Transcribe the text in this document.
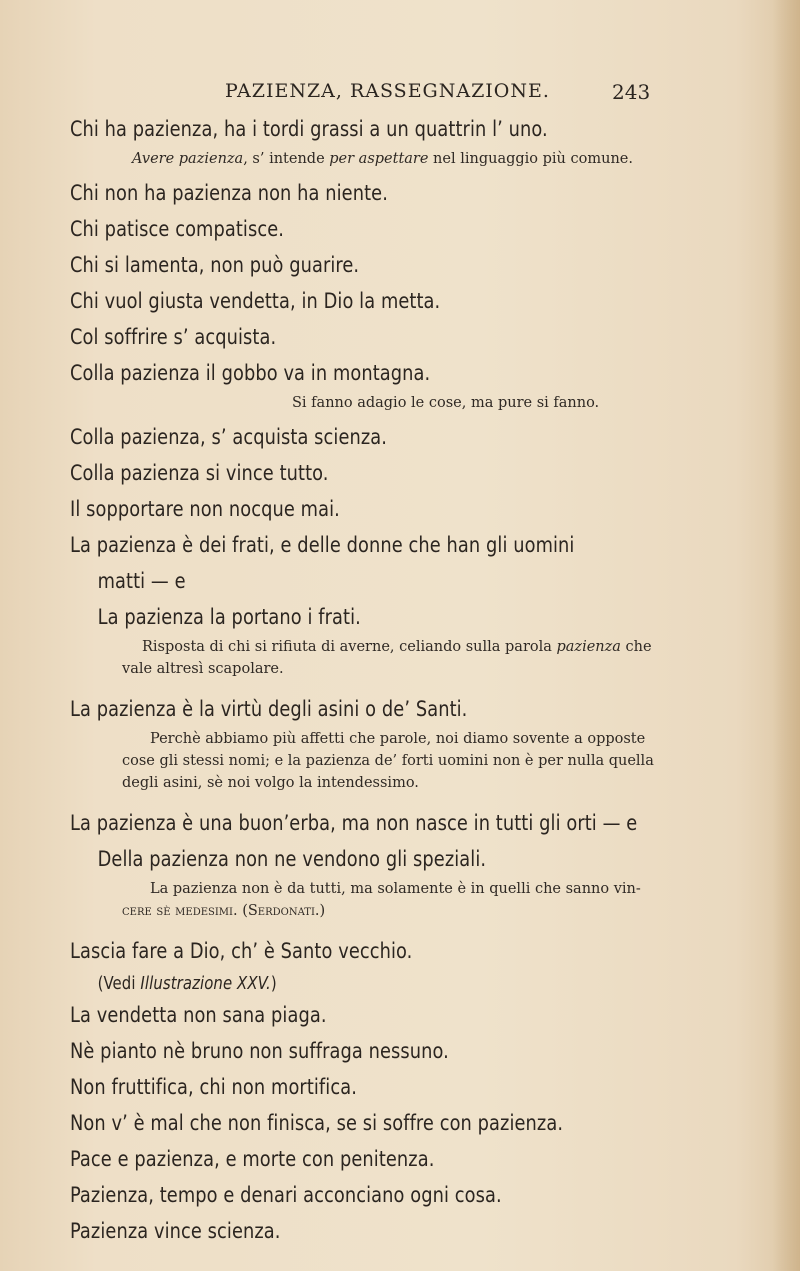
PAZIENZA, RASSEGNAZIONE.	243
Chi ha pazienza, ha i tordi grassi a un quattrin l’ uno.
Avere pazienza, s’ intende per aspettare nel linguaggio più comune.
Chi non ha pazienza non ha niente.
Chi patisce compatisce.
Chi si lamenta, non può guarire.
Chi vuol giusta vendetta, in Dio la metta.
Col soffrire s’ acquista.
Colla pazienza il gobbo va in montagna.
Si fanno adagio le cose, ma pure si fanno.
Colla pazienza, s’ acquista scienza.
Colla pazienza si vince tutto.
Il sopportare non nocque mai.
La pazienza è dei frati, e delle donne che han gli uomini
matti — e
La pazienza la portano i frati.
Risposta di chi si rifiuta di averne, celiando sulla parola pazienza che
vale altresì scapolare.
La pazienza è la virtù degli asini o de’ Santi.
Perchè abbiamo più affetti che parole, noi diamo sovente a opposte
cose gli stessi nomi; e la pazienza de’ forti uomini non è per nulla quella
degli asini, sè noi volgo la intendessimo.
La pazienza è una buon’erba, ma non nasce in tutti gli orti — e
Della pazienza non ne vendono gli speziali.
La pazienza non è da tutti, ma solamente è in quelli che sanno vin-
cere sè medesimi. (Serdonati.)
Lascia fare a Dio, ch’ è Santo vecchio.
(Vedi Illustrazione XXV.)
La vendetta non sana piaga.
Nè pianto nè bruno non suffraga nessuno.
Non fruttifica, chi non mortifica.
Non v’ è mal che non finisca, se si soffre con pazienza.
Pace e pazienza, e morte con penitenza.
Pazienza, tempo e denari acconciano ogni cosa.
Pazienza vince scienza.
